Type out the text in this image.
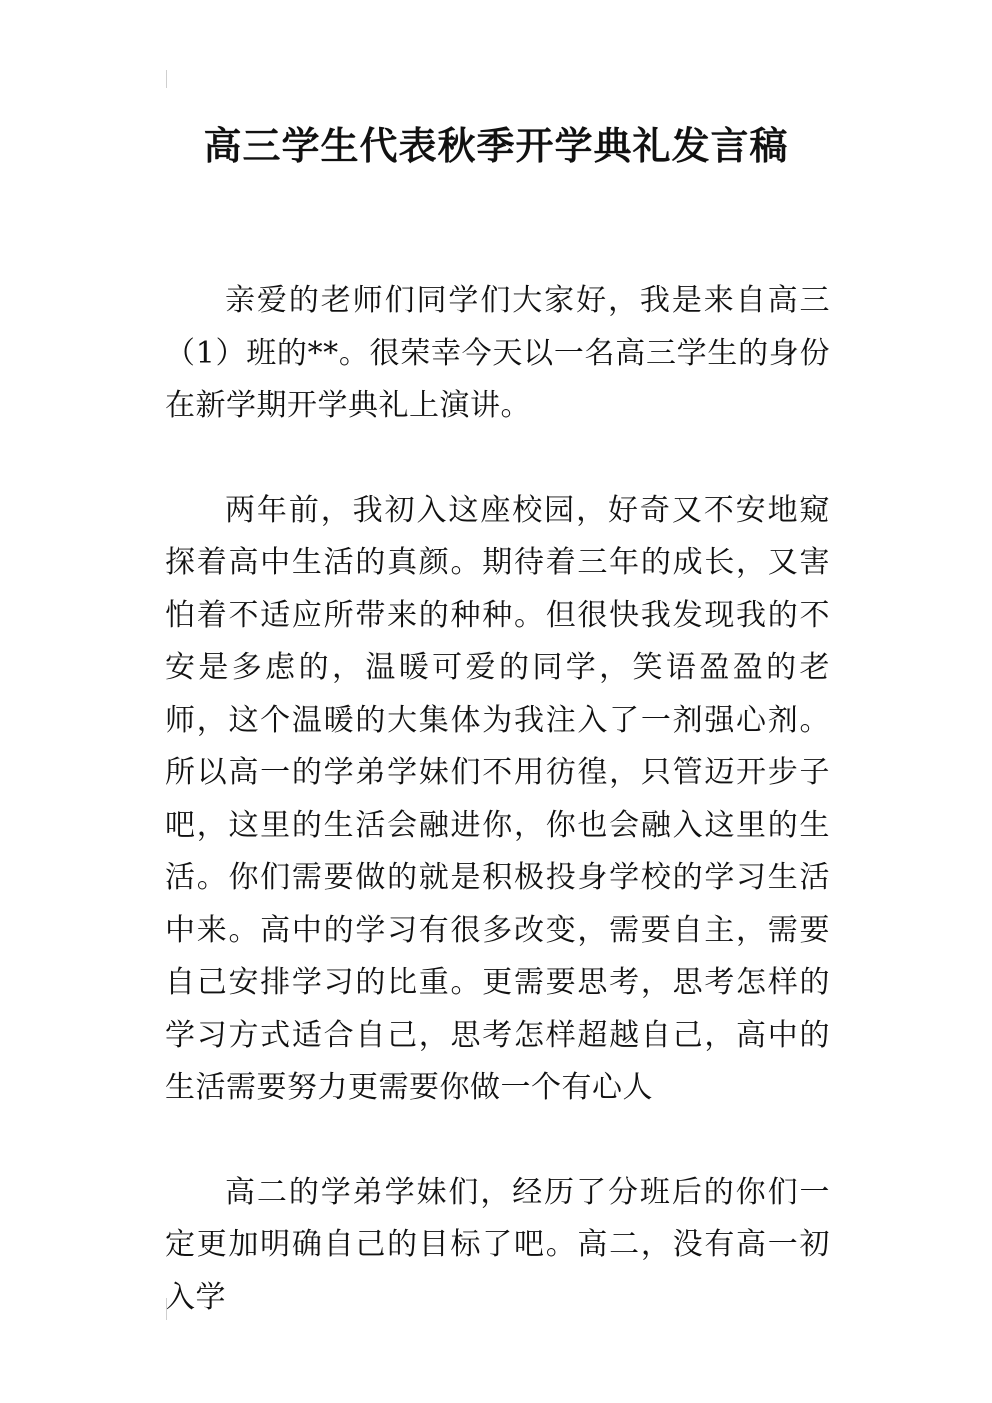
高三学生代表秋季开学典礼发言稿

亲爱的老师们同学们大家好，我是来自高三（1）班的**。很荣幸今天以一名高三学生的身份在新学期开学典礼上演讲。

两年前，我初入这座校园，好奇又不安地窥探着高中生活的真颜。期待着三年的成长，又害怕着不适应所带来的种种。但很快我发现我的不安是多虑的，温暖可爱的同学，笑语盈盈的老师，这个温暖的大集体为我注入了一剂强心剂。所以高一的学弟学妹们不用彷徨，只管迈开步子吧，这里的生活会融进你，你也会融入这里的生活。你们需要做的就是积极投身学校的学习生活中来。高中的学习有很多改变，需要自主，需要自己安排学习的比重。更需要思考，思考怎样的学习方式适合自己，思考怎样超越自己，高中的生活需要努力更需要你做一个有心人

高二的学弟学妹们，经历了分班后的你们一定更加明确自己的目标了吧。高二，没有高一初入学
